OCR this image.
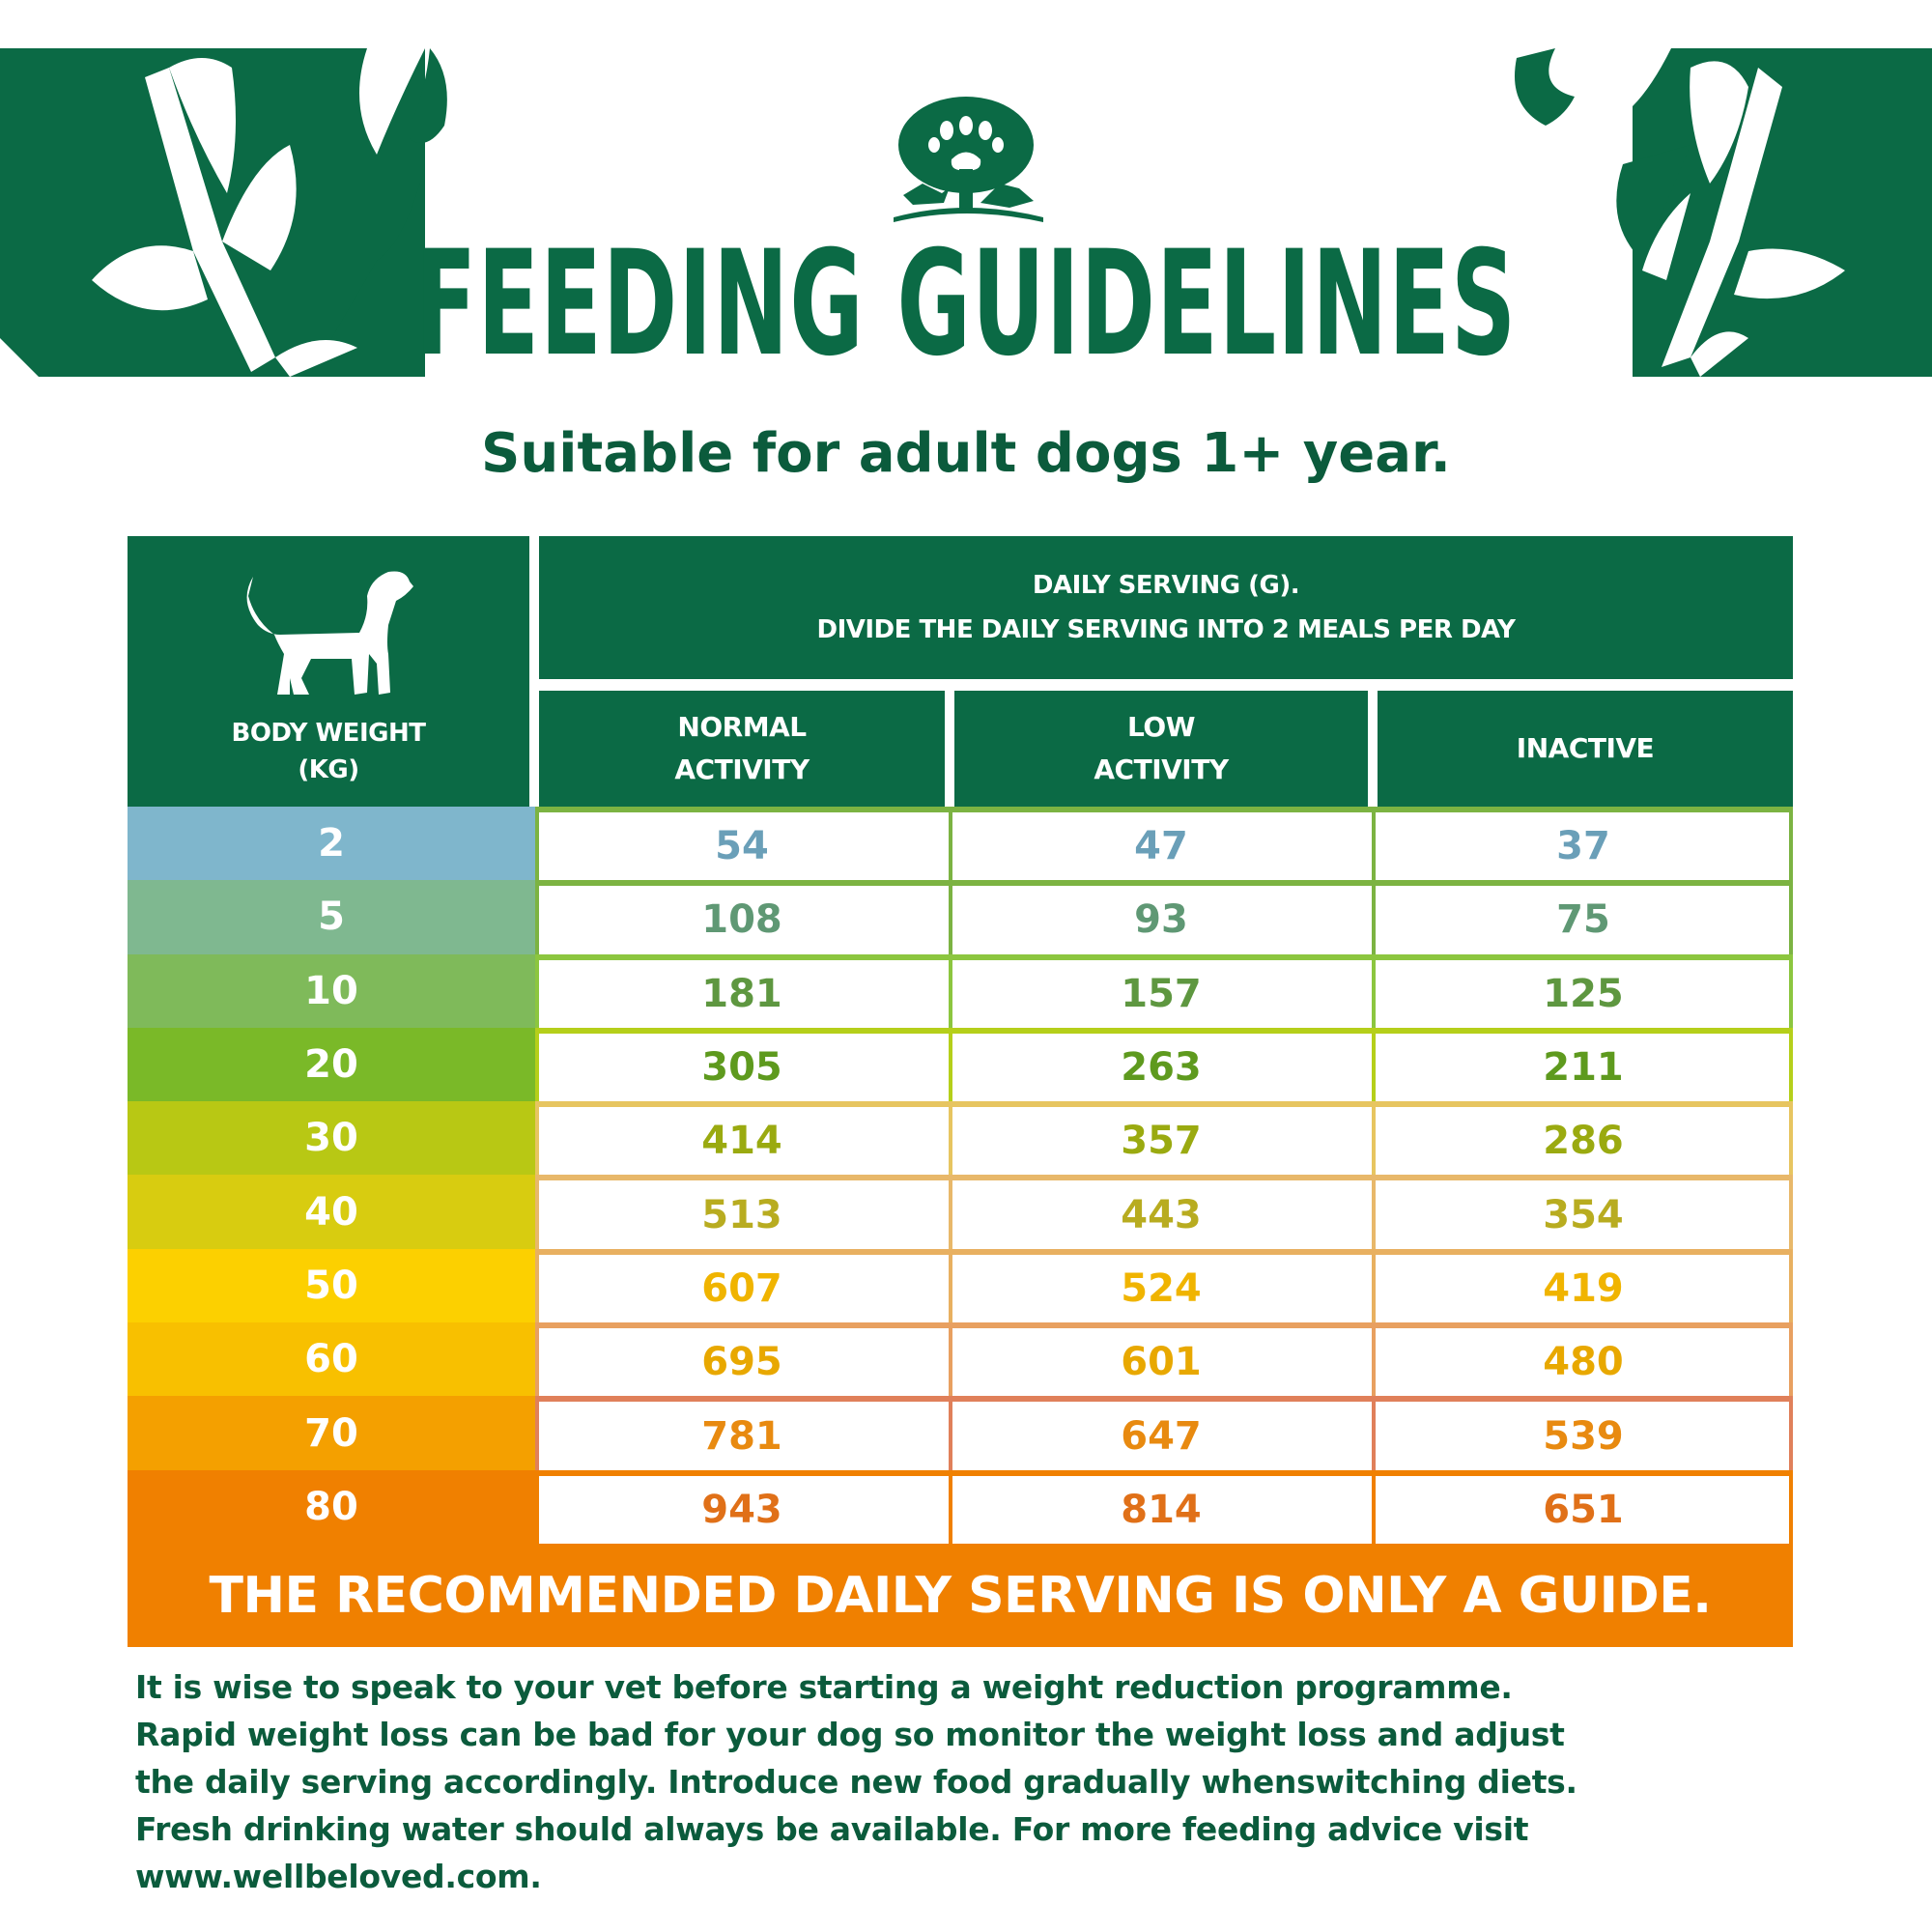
FEEDING GUIDELINES
Suitable for adult dogs 1+ year.
BODY WEIGHT
(KG)
DAILY SERVING (G).
DIVIDE THE DAILY SERVING INTO 2 MEALS PER DAY
NORMAL
ACTIVITY
LOW
ACTIVITY
INACTIVE
2	54	47	37
5	108	93	75
10	181	157	125
20	305	263	211
30	414	357	286
40	513	443	354
50	607	524	419
60	695	601	480
70	781	647	539
80	943	814	651
THE RECOMMENDED DAILY SERVING IS ONLY A GUIDE.
It is wise to speak to your vet before starting a weight reduction programme.
Rapid weight loss can be bad for your dog so monitor the weight loss and adjust
the daily serving accordingly. Introduce new food gradually whenswitching diets.
Fresh drinking water should always be available. For more feeding advice visit
www.wellbeloved.com.
